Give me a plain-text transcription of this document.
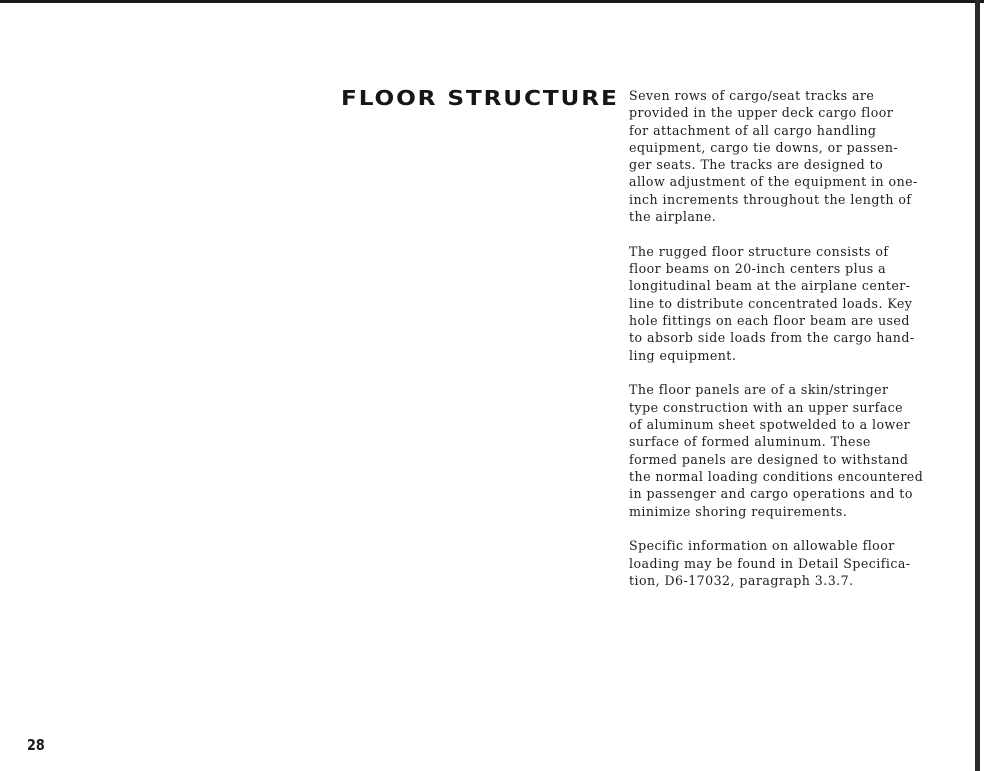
FLOOR STRUCTURE Seven rows of cargo/seat tracks are
provided in the upper deck cargo floor
for attachment of all cargo handling
equipment, cargo tie downs, or passen-
ger seats. The tracks are designed to
allow adjustment of the equipment in one-
inch increments throughout the length of
the airplane.

The rugged floor structure consists of
floor beams on 20-inch centers plus a
longitudinal beam at the airplane center-
line to distribute concentrated loads. Key
hole fittings on each floor beam are used
to absorb side loads from the cargo hand-
ling equipment.

The floor panels are of a skin/stringer
type construction with an upper surface
of aluminum sheet spotwelded to a lower
surface of formed aluminum. These
formed panels are designed to withstand
the normal loading conditions encountered
in passenger and cargo operations and to
minimize shoring requirements.

Specific information on allowable floor
loading may be found in Detail Specifica-
tion, D6-17032, paragraph 3.3.7.

28
